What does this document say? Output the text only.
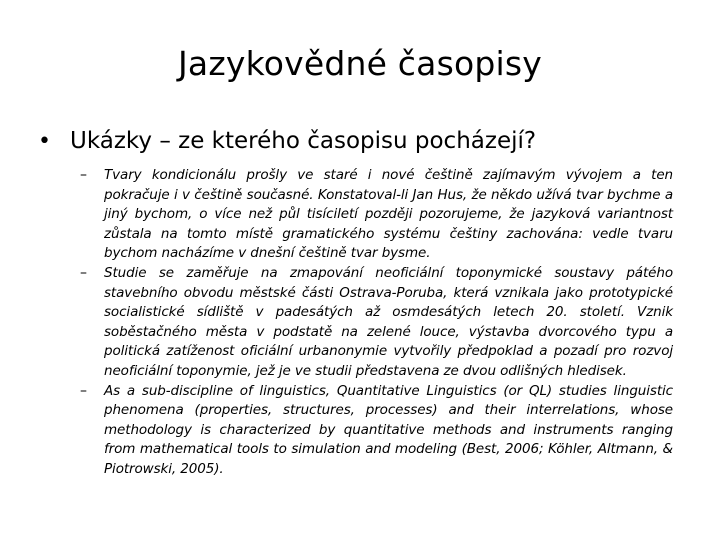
Jazykovědné časopisy
• Ukázky – ze kterého časopisu pocházejí?
–	Tvary kondicionálu prošly ve staré i nové češtině zajímavým vývojem a ten pokračuje i v češtině současné. Konstatoval-li Jan Hus, že někdo užívá tvar bychme a jiný bychom, o více než půl tisíciletí později pozorujeme, že jazyková variantnost zůstala na tomto místě gramatického systému češtiny zachována: vedle tvaru bychom nacházíme v dnešní češtině tvar bysme.
–	Studie se zaměřuje na zmapování neoficiální toponymické soustavy pátého stavebního obvodu městské části Ostrava-Poruba, která vznikala jako prototypické socialistické sídliště v padesátých až osmdesátých letech 20. století. Vznik soběstačného města v podstatě na zelené louce, výstavba dvorcového typu a politická zatíženost oficiální urbanonymie vytvořily předpoklad a pozadí pro rozvoj neoficiální toponymie, jež je ve studii představena ze dvou odlišných hledisek.
–	As a sub-discipline of linguistics, Quantitative Linguistics (or QL) studies linguistic phenomena (properties, structures, processes) and their interrelations, whose methodology is characterized by quantitative methods and instruments ranging from mathematical tools to simulation and modeling (Best, 2006; Köhler, Altmann, & Piotrowski, 2005).
